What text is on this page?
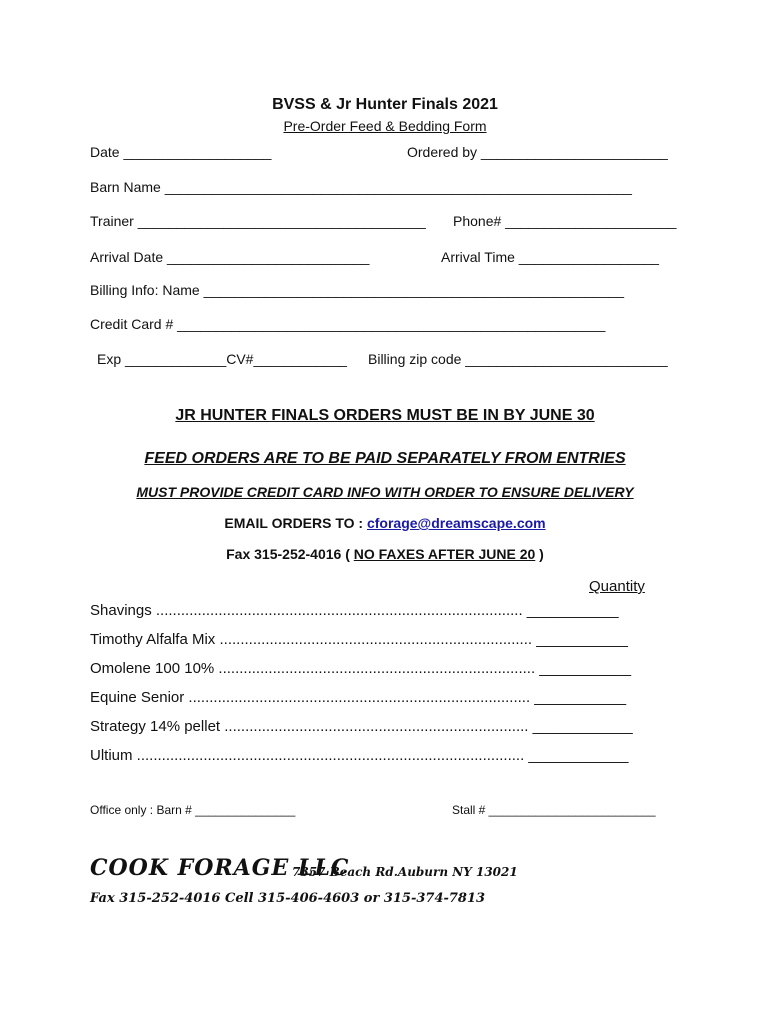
BVSS & Jr Hunter Finals 2021
Pre-Order Feed & Bedding Form
Date ___________________	Ordered by ________________________
Barn Name ____________________________________________________________
Trainer _____________________________________ Phone# ______________________
Arrival Date __________________________	Arrival Time __________________
Billing Info: Name ______________________________________________________
Credit Card # _______________________________________________________
Exp _____________CV#____________ Billing zip code __________________________
JR HUNTER FINALS ORDERS MUST BE IN BY JUNE 30
FEED ORDERS ARE TO BE PAID SEPARATELY FROM ENTRIES
MUST PROVIDE CREDIT CARD INFO WITH ORDER TO ENSURE DELIVERY
EMAIL ORDERS TO : cforage@dreamscape.com
Fax 315-252-4016 ( NO FAXES AFTER JUNE 20 )
Quantity
Shavings ........................................................................................ ___________
Timothy Alfalfa Mix ........................................................................... ___________
Omolene 100 10% ............................................................................ ___________
Equine Senior .................................................................................. ___________
Strategy 14% pellet ......................................................................... ____________
Ultium ............................................................................................. ____________
Office only : Barn # _______________	Stall # _________________________
COOK FORAGE LLC
7357 Beach Rd.Auburn NY 13021
Fax 315-252-4016 Cell 315-406-4603 or 315-374-7813
